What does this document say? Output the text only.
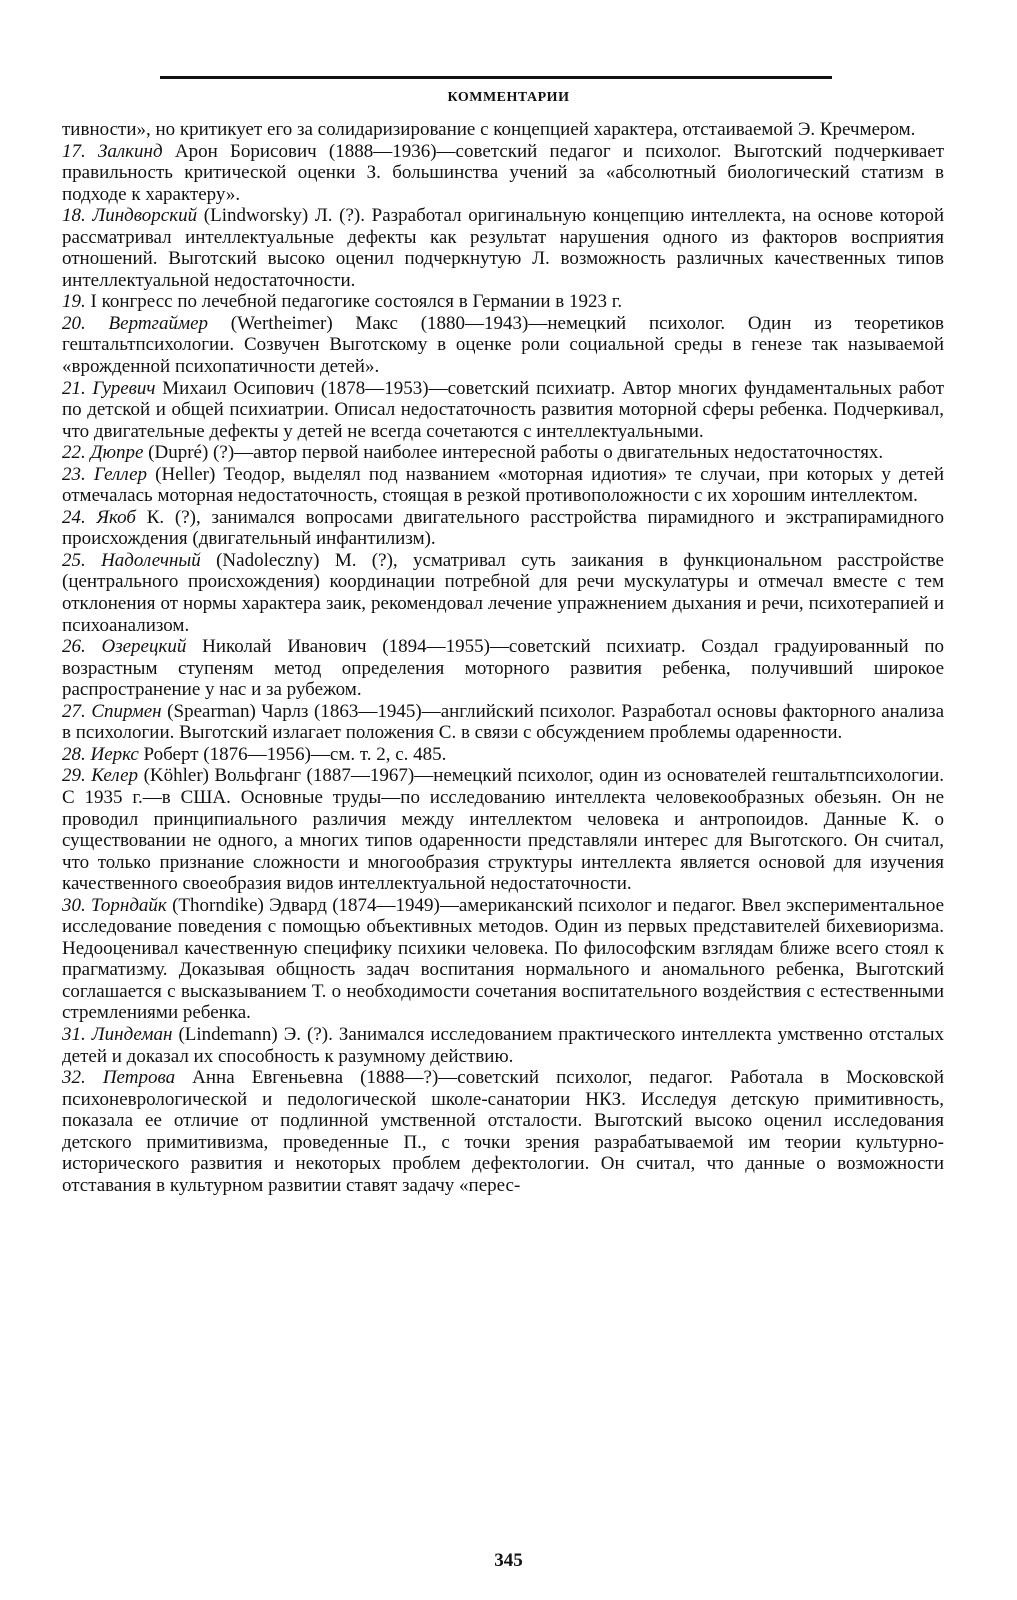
КОММЕНТАРИИ

тивности», но критикует его за солидаризирование с концепцией характера, отстаиваемой Э. Кречмером.

17. Залкинд Арон Борисович (1888—1936)—советский педагог и психолог. Выготский подчеркивает правильность критической оценки З. большинства учений за «абсолютный биологический статизм в подходе к характеру».

18. Линдворский (Lindworsky) Л. (?). Разработал оригинальную концепцию интеллекта, на основе которой рассматривал интеллектуальные дефекты как результат нарушения одного из факторов восприятия отношений. Выготский высоко оценил подчеркнутую Л. возможность различных качественных типов интеллектуальной недостаточности.

19. I конгресс по лечебной педагогике состоялся в Германии в 1923 г.

20. Вертгаймер (Wertheimer) Макс (1880—1943)—немецкий психолог. Один из теоретиков гештальтпсихологии. Созвучен Выготскому в оценке роли социальной среды в генезе так называемой «врожденной психопатичности детей».

21. Гуревич Михаил Осипович (1878—1953)—советский психиатр. Автор многих фундаментальных работ по детской и общей психиатрии. Описал недостаточность развития моторной сферы ребенка. Подчеркивал, что двигательные дефекты у детей не всегда сочетаются с интеллектуальными.

22. Дюпре (Dupré) (?)—автор первой наиболее интересной работы о двигательных недостаточностях.

23. Геллер (Heller) Теодор, выделял под названием «моторная идиотия» те случаи, при которых у детей отмечалась моторная недостаточность, стоящая в резкой противоположности с их хорошим интеллектом.

24. Якоб К. (?), занимался вопросами двигательного расстройства пирамидного и экстрапирамидного происхождения (двигательный инфантилизм).

25. Надолечный (Nadoleczny) М. (?), усматривал суть заикания в функциональном расстройстве (центрального происхождения) координации потребной для речи мускулатуры и отмечал вместе с тем отклонения от нормы характера заик, рекомендовал лечение упражнением дыхания и речи, психотерапией и психоанализом.

26. Озерецкий Николай Иванович (1894—1955)—советский психиатр. Создал градуированный по возрастным ступеням метод определения моторного развития ребенка, получивший широкое распространение у нас и за рубежом.

27. Спирмен (Spearman) Чарлз (1863—1945)—английский психолог. Разработал основы факторного анализа в психологии. Выготский излагает положения С. в связи с обсуждением проблемы одаренности.

28. Иеркс Роберт (1876—1956)—см. т. 2, с. 485.

29. Келер (Köhler) Вольфганг (1887—1967)—немецкий психолог, один из основателей гештальтпсихологии. С 1935 г.—в США. Основные труды—по исследованию интеллекта человекообразных обезьян. Он не проводил принципиального различия между интеллектом человека и антропоидов. Данные К. о существовании не одного, а многих типов одаренности представляли интерес для Выготского. Он считал, что только признание сложности и многообразия структуры интеллекта является основой для изучения качественного своеобразия видов интеллектуальной недостаточности.

30. Торндайк (Thorndike) Эдвард (1874—1949)—американский психолог и педагог. Ввел экспериментальное исследование поведения с помощью объективных методов. Один из первых представителей бихевиоризма. Недооценивал качественную специфику психики человека. По философским взглядам ближе всего стоял к прагматизму. Доказывая общность задач воспитания нормального и аномального ребенка, Выготский соглашается с высказыванием Т. о необходимости сочетания воспитательного воздействия с естественными стремлениями ребенка.

31. Линдеман (Lindemann) Э. (?). Занимался исследованием практического интеллекта умственно отсталых детей и доказал их способность к разумному действию.

32. Петрова Анна Евгеньевна (1888—?)—советский психолог, педагог. Работала в Московской психоневрологической и педологической школе-санатории НКЗ. Исследуя детскую примитивность, показала ее отличие от подлинной умственной отсталости. Выготский высоко оценил исследования детского примитивизма, проведенные П., с точки зрения разрабатываемой им теории культурно-исторического развития и некоторых проблем дефектологии. Он считал, что данные о возможности отставания в культурном развитии ставят задачу «перес-

345
